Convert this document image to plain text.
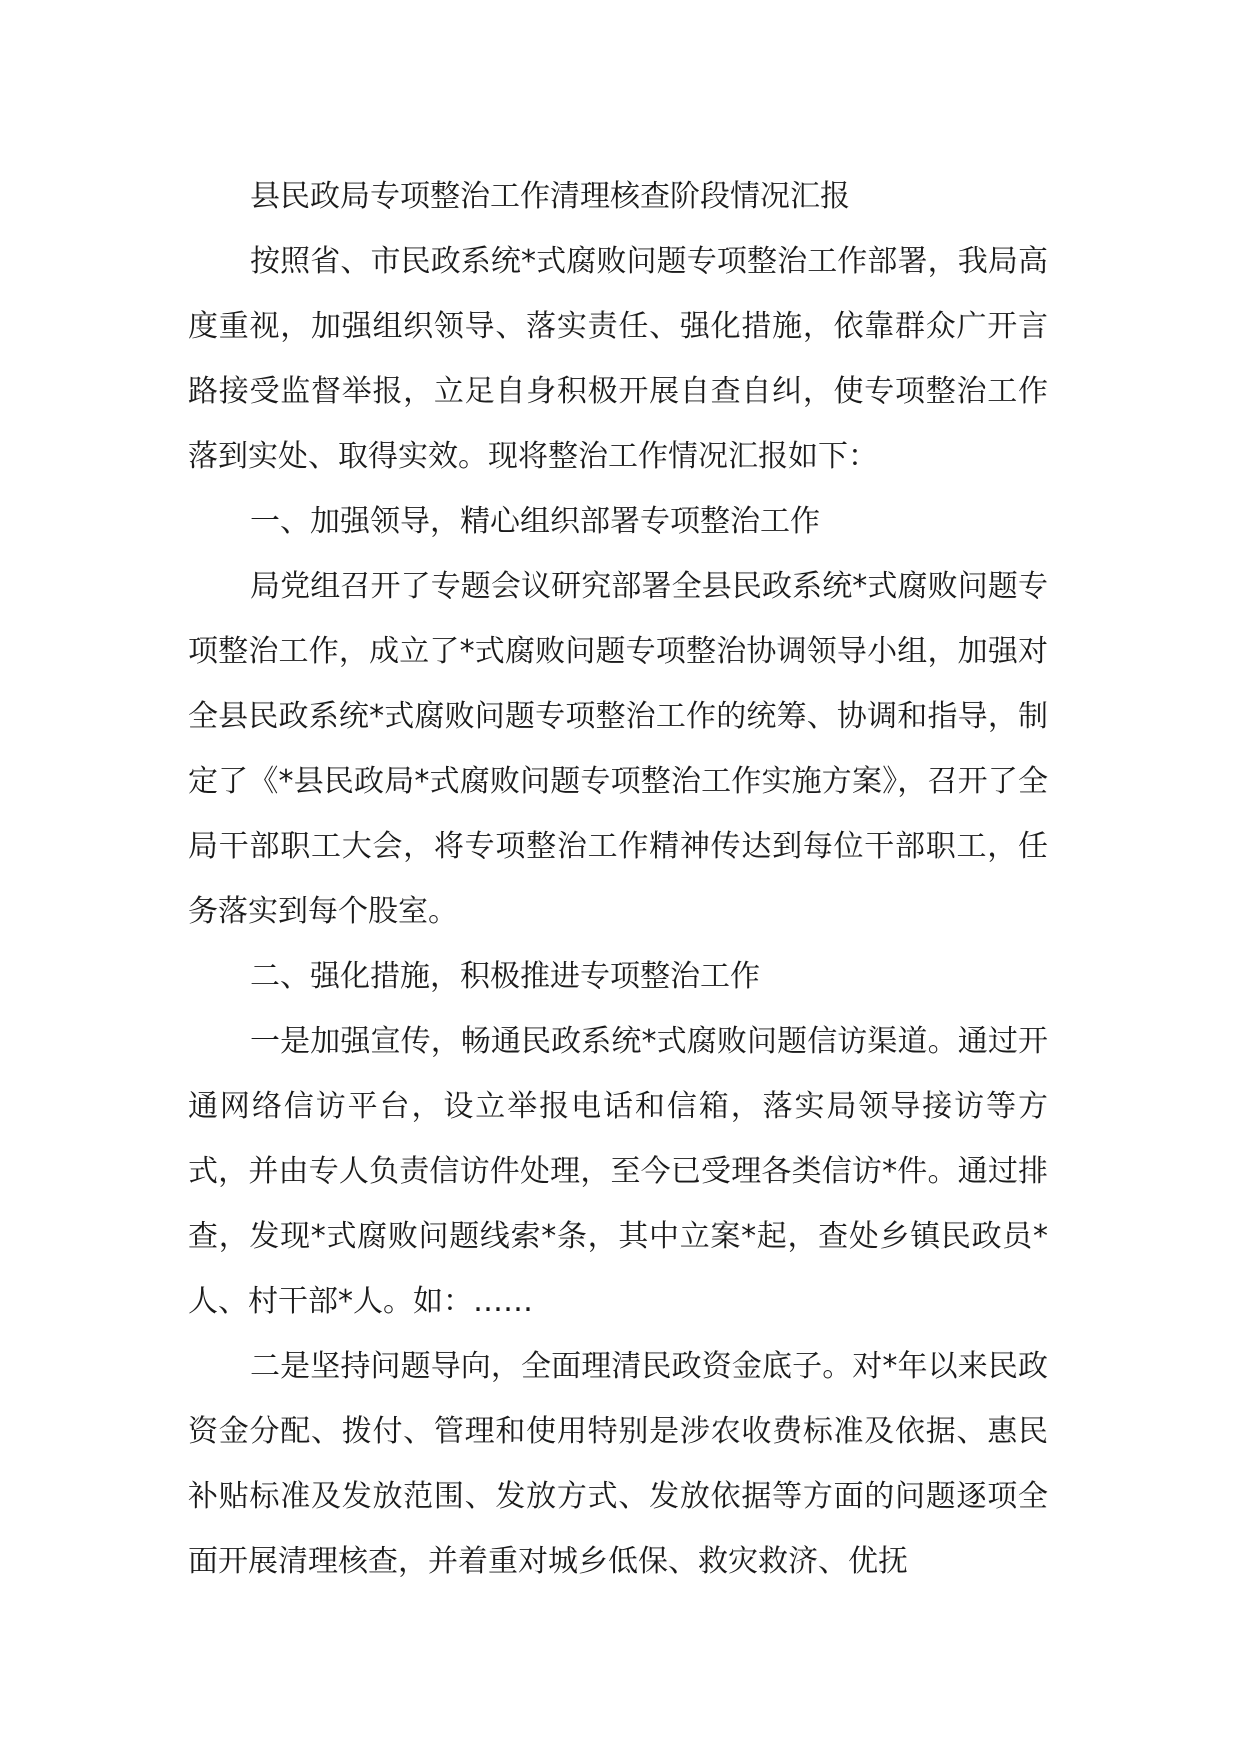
县民政局专项整治工作清理核查阶段情况汇报

按照省、市民政系统*式腐败问题专项整治工作部署，我局高度重视，加强组织领导、落实责任、强化措施，依靠群众广开言路接受监督举报，立足自身积极开展自查自纠，使专项整治工作落到实处、取得实效。现将整治工作情况汇报如下：

一、加强领导，精心组织部署专项整治工作

局党组召开了专题会议研究部署全县民政系统*式腐败问题专项整治工作，成立了*式腐败问题专项整治协调领导小组，加强对全县民政系统*式腐败问题专项整治工作的统筹、协调和指导，制定了《*县民政局*式腐败问题专项整治工作实施方案》，召开了全局干部职工大会，将专项整治工作精神传达到每位干部职工，任务落实到每个股室。

二、强化措施，积极推进专项整治工作

一是加强宣传，畅通民政系统*式腐败问题信访渠道。通过开通网络信访平台，设立举报电话和信箱，落实局领导接访等方式，并由专人负责信访件处理，至今已受理各类信访*件。通过排查，发现*式腐败问题线索*条，其中立案*起，查处乡镇民政员*人、村干部*人。如：……

二是坚持问题导向，全面理清民政资金底子。对*年以来民政资金分配、拨付、管理和使用特别是涉农收费标准及依据、惠民补贴标准及发放范围、发放方式、发放依据等方面的问题逐项全面开展清理核查，并着重对城乡低保、救灾救济、优抚
